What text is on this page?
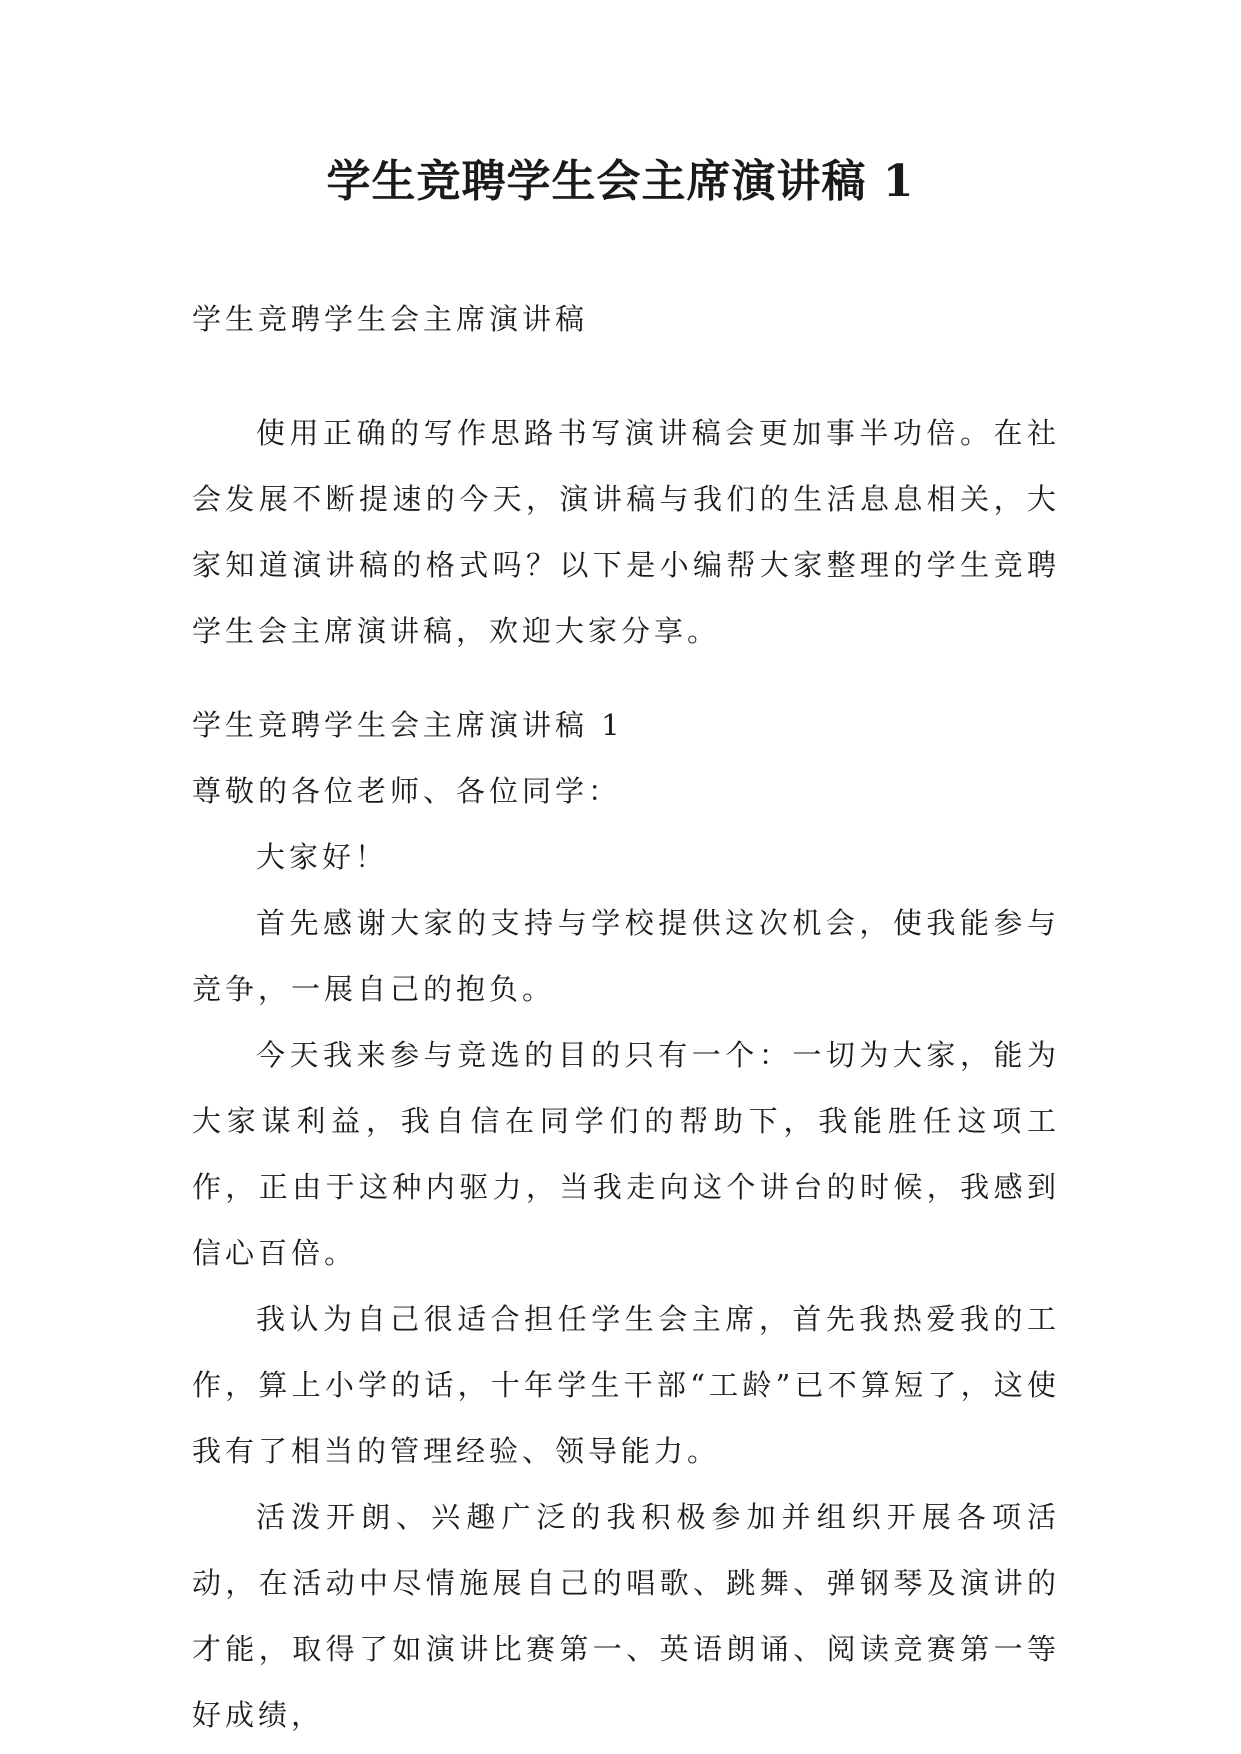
学生竞聘学生会主席演讲稿 1

学生竞聘学生会主席演讲稿

使用正确的写作思路书写演讲稿会更加事半功倍。在社会发展不断提速的今天，演讲稿与我们的生活息息相关，大家知道演讲稿的格式吗？以下是小编帮大家整理的学生竞聘学生会主席演讲稿，欢迎大家分享。

学生竞聘学生会主席演讲稿 1

尊敬的各位老师、各位同学：

大家好！

首先感谢大家的支持与学校提供这次机会，使我能参与竞争，一展自己的抱负。

今天我来参与竞选的目的只有一个：一切为大家，能为大家谋利益，我自信在同学们的帮助下，我能胜任这项工作，正由于这种内驱力，当我走向这个讲台的时候，我感到信心百倍。

我认为自己很适合担任学生会主席，首先我热爱我的工作，算上小学的话，十年学生干部“工龄”已不算短了，这使我有了相当的管理经验、领导能力。

活泼开朗、兴趣广泛的我积极参加并组织开展各项活动，在活动中尽情施展自己的唱歌、跳舞、弹钢琴及演讲的才能，取得了如演讲比赛第一、英语朗诵、阅读竞赛第一等好成绩，
